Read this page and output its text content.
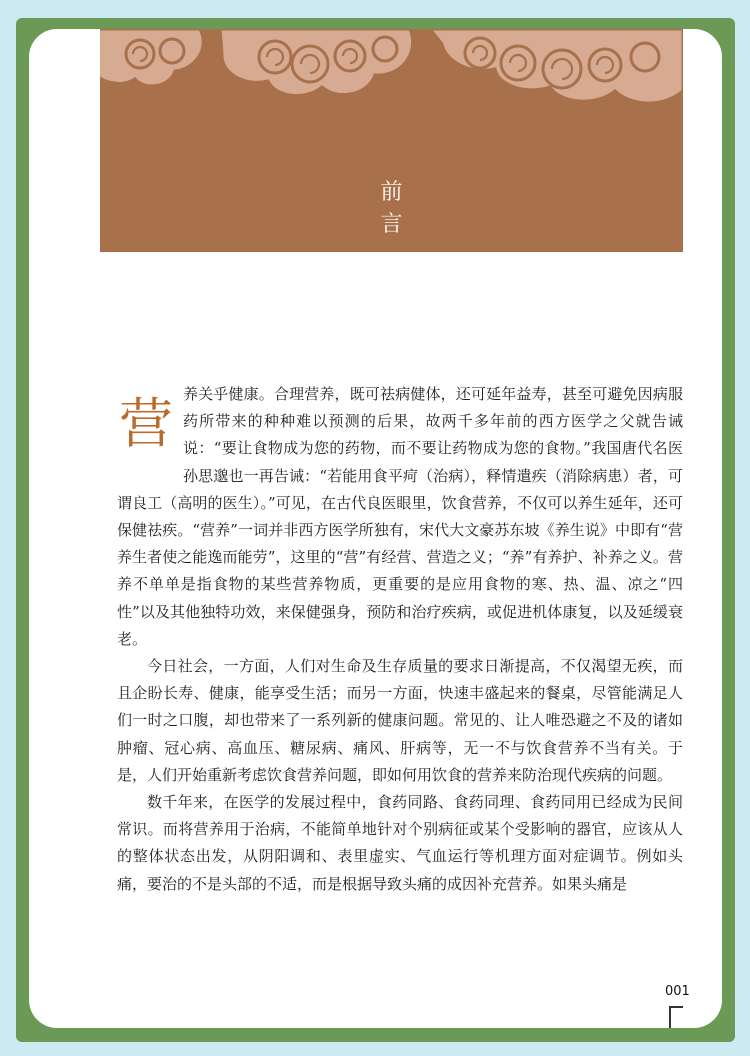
前
言

营养关乎健康。合理营养，既可祛病健体，还可延年益寿，甚至可避免因病服药所带来的种种难以预测的后果，故两千多年前的西方医学之父就告诫说：“要让食物成为您的药物，而不要让药物成为您的食物。”我国唐代名医孙思邈也一再告诫：“若能用食平疴（治病），释情遣疾（消除病患）者，可谓良工（高明的医生）。”可见，在古代良医眼里，饮食营养，不仅可以养生延年，还可保健祛疾。“营养”一词并非西方医学所独有，宋代大文豪苏东坡《养生说》中即有“营养生者使之能逸而能劳”，这里的“营”有经营、营造之义；“养”有养护、补养之义。营养不单单是指食物的某些营养物质，更重要的是应用食物的寒、热、温、凉之“四性”以及其他独特功效，来保健强身，预防和治疗疾病，或促进机体康复，以及延缓衰老。

今日社会，一方面，人们对生命及生存质量的要求日渐提高，不仅渴望无疾，而且企盼长寿、健康，能享受生活；而另一方面，快速丰盛起来的餐桌，尽管能满足人们一时之口腹，却也带来了一系列新的健康问题。常见的、让人唯恐避之不及的诸如肿瘤、冠心病、高血压、糖尿病、痛风、肝病等，无一不与饮食营养不当有关。于是，人们开始重新考虑饮食营养问题，即如何用饮食的营养来防治现代疾病的问题。

数千年来，在医学的发展过程中，食药同路、食药同理、食药同用已经成为民间常识。而将营养用于治病，不能简单地针对个别病征或某个受影响的器官，应该从人的整体状态出发，从阴阳调和、表里虚实、气血运行等机理方面对症调节。例如头痛，要治的不是头部的不适，而是根据导致头痛的成因补充营养。如果头痛是

001
